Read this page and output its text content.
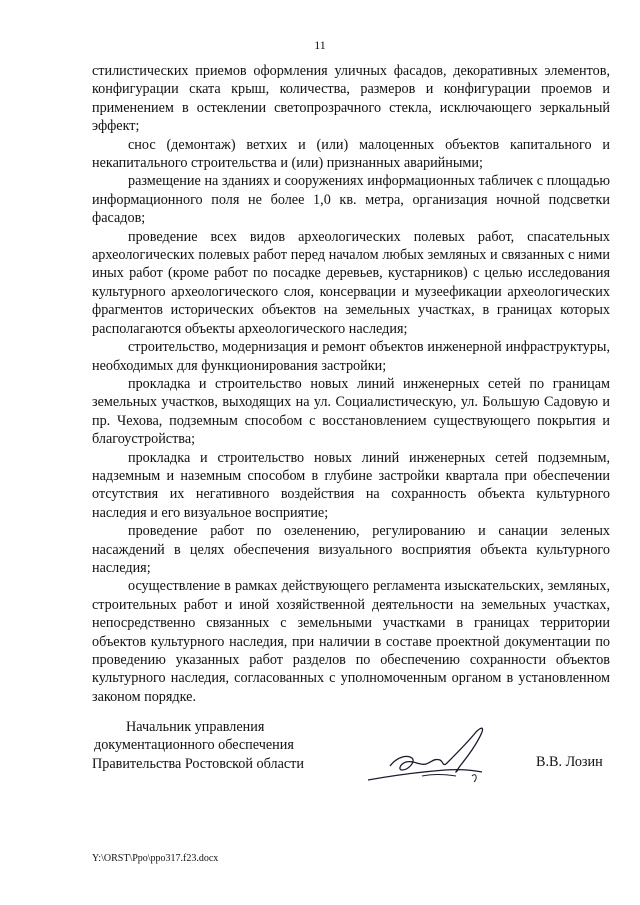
11

стилистических приемов оформления уличных фасадов, декоративных элементов, конфигурации ската крыш, количества, размеров и конфигурации проемов и применением в остеклении светопрозрачного стекла, исключающего зеркальный эффект;

снос (демонтаж) ветхих и (или) малоценных объектов капитального и некапитального строительства и (или) признанных аварийными;

размещение на зданиях и сооружениях информационных табличек с площадью информационного поля не более 1,0 кв. метра, организация ночной подсветки фасадов;

проведение всех видов археологических полевых работ, спасательных археологических полевых работ перед началом любых земляных и связанных с ними иных работ (кроме работ по посадке деревьев, кустарников) с целью исследования культурного археологического слоя, консервации и музеефикации археологических фрагментов исторических объектов на земельных участках, в границах которых располагаются объекты археологического наследия;

строительство, модернизация и ремонт объектов инженерной инфраструктуры, необходимых для функционирования застройки;

прокладка и строительство новых линий инженерных сетей по границам земельных участков, выходящих на ул. Социалистическую, ул. Большую Садовую и пр. Чехова, подземным способом с восстановлением существующего покрытия и благоустройства;

прокладка и строительство новых линий инженерных сетей подземным, надземным и наземным способом в глубине застройки квартала при обеспечении отсутствия их негативного воздействия на сохранность объекта культурного наследия и его визуальное восприятие;

проведение работ по озеленению, регулированию и санации зеленых насаждений в целях обеспечения визуального восприятия объекта культурного наследия;

осуществление в рамках действующего регламента изыскательских, земляных, строительных работ и иной хозяйственной деятельности на земельных участках, непосредственно связанных с земельными участками в границах территории объектов культурного наследия, при наличии в составе проектной документации по проведению указанных работ разделов по обеспечению сохранности объектов культурного наследия, согласованных с уполномоченным органом в установленном законом порядке.

Начальник управления
документационного обеспечения
Правительства Ростовской области	В.В. Лозин
Y:\ORST\Ppo\ppo317.f23.docx
